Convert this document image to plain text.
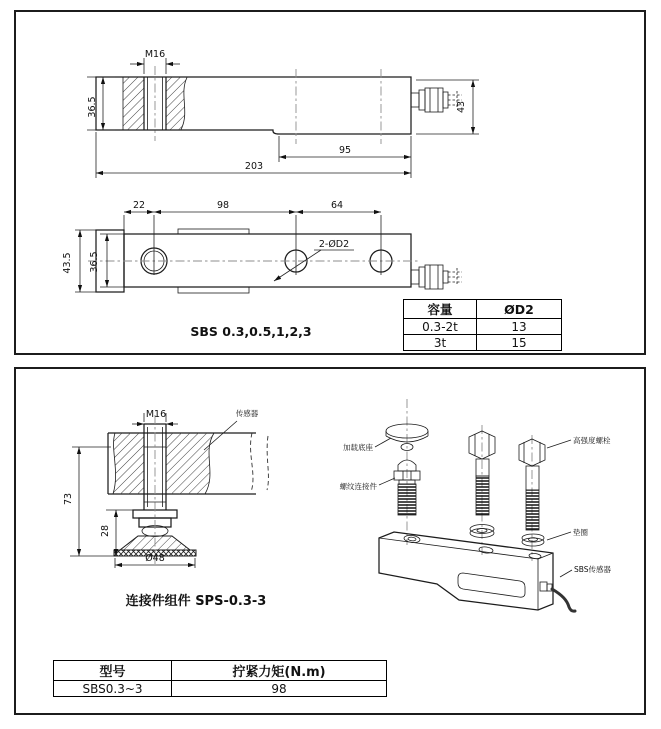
M16
36.5
95
203
43
22	98	64
43.5 36.5
2-ØD2
SBS 0.3,0.5,1,2,3
容量	ØD2
0.3-2t	13
3t	15
M16	传感器
73
28
Ø48
加载底座
螺纹连接件
高强度螺栓
垫圈
SBS传感器
连接件组件 SPS-0.3-3
型号	拧紧力矩(N.m)
SBS0.3~3	98
